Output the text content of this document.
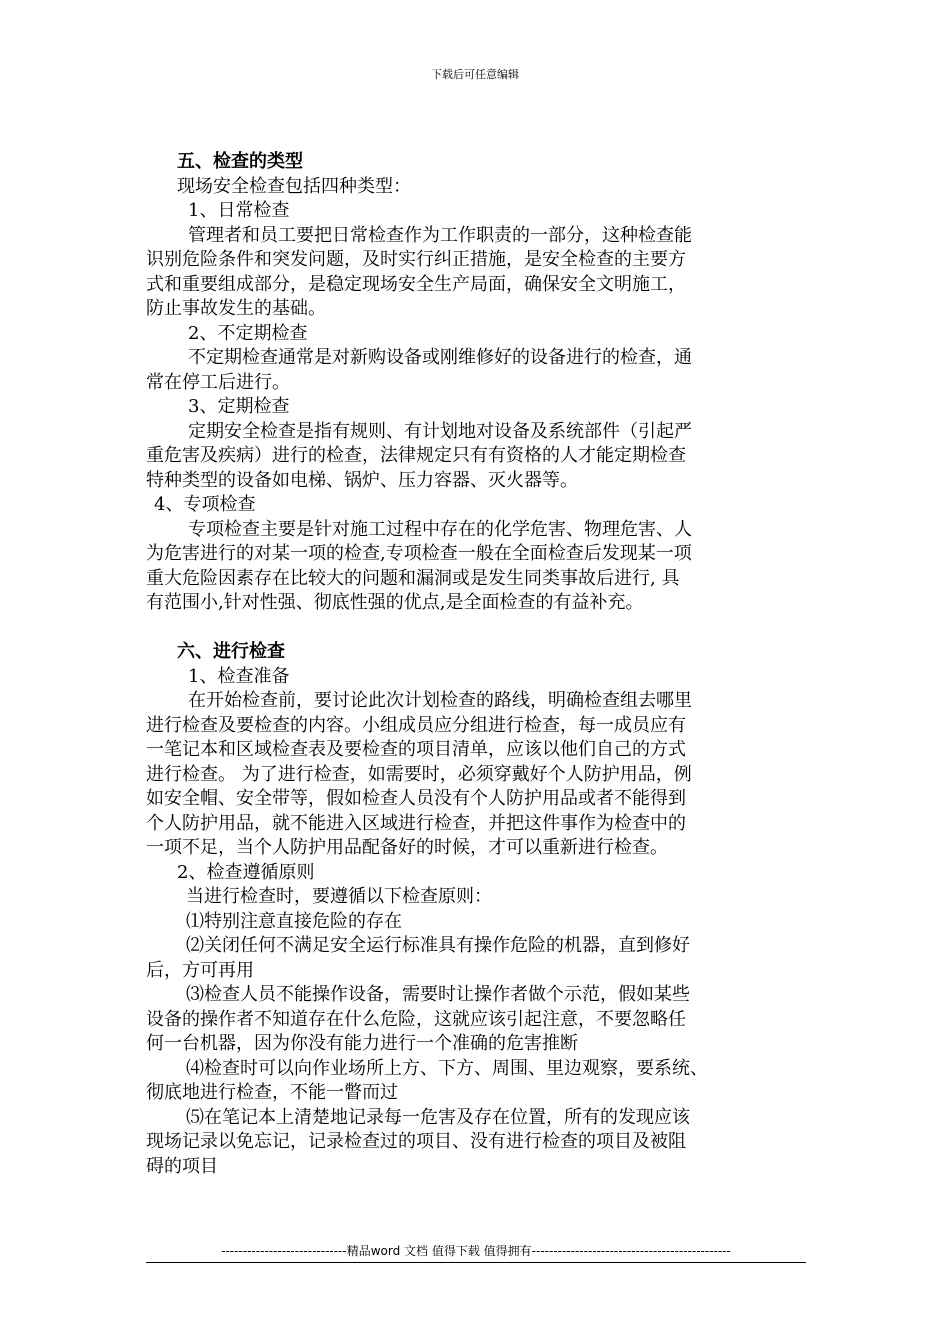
下载后可任意编辑
五、检查的类型
现场安全检查包括四种类型：
1、日常检查
管理者和员工要把日常检查作为工作职责的一部分，这种检查能
识别危险条件和突发问题，及时实行纠正措施，是安全检查的主要方
式和重要组成部分，是稳定现场安全生产局面，确保安全文明施工，
防止事故发生的基础。
2、不定期检查
不定期检查通常是对新购设备或刚维修好的设备进行的检查，通
常在停工后进行。
3、定期检查
定期安全检查是指有规则、有计划地对设备及系统部件（引起严
重危害及疾病）进行的检查，法律规定只有有资格的人才能定期检查
特种类型的设备如电梯、锅炉、压力容器、灭火器等。
4、专项检查
专项检查主要是针对施工过程中存在的化学危害、物理危害、人
为危害进行的对某一项的检查,专项检查一般在全面检查后发现某一项
重大危险因素存在比较大的问题和漏洞或是发生同类事故后进行, 具
有范围小,针对性强、彻底性强的优点,是全面检查的有益补充。
六、进行检查
1、检查准备
在开始检查前，要讨论此次计划检查的路线，明确检查组去哪里
进行检查及要检查的内容。小组成员应分组进行检查，每一成员应有
一笔记本和区域检查表及要检查的项目清单，应该以他们自己的方式
进行检查。 为了进行检查，如需要时，必须穿戴好个人防护用品，例
如安全帽、安全带等，假如检查人员没有个人防护用品或者不能得到
个人防护用品，就不能进入区域进行检查，并把这件事作为检查中的
一项不足，当个人防护用品配备好的时候，才可以重新进行检查。
2、检查遵循原则
当进行检查时，要遵循以下检查原则：
⑴特别注意直接危险的存在
⑵关闭任何不满足安全运行标准具有操作危险的机器，直到修好
后，方可再用
⑶检查人员不能操作设备，需要时让操作者做个示范，假如某些
设备的操作者不知道存在什么危险，这就应该引起注意，不要忽略任
何一台机器，因为你没有能力进行一个准确的危害推断
⑷检查时可以向作业场所上方、下方、周围、里边观察，要系统、
彻底地进行检查，不能一瞥而过
⑸在笔记本上清楚地记录每一危害及存在位置，所有的发现应该
现场记录以免忘记，记录检查过的项目、没有进行检查的项目及被阻
碍的项目
-----------------------------精品word 文档 值得下载 值得拥有----------------------------------------------
